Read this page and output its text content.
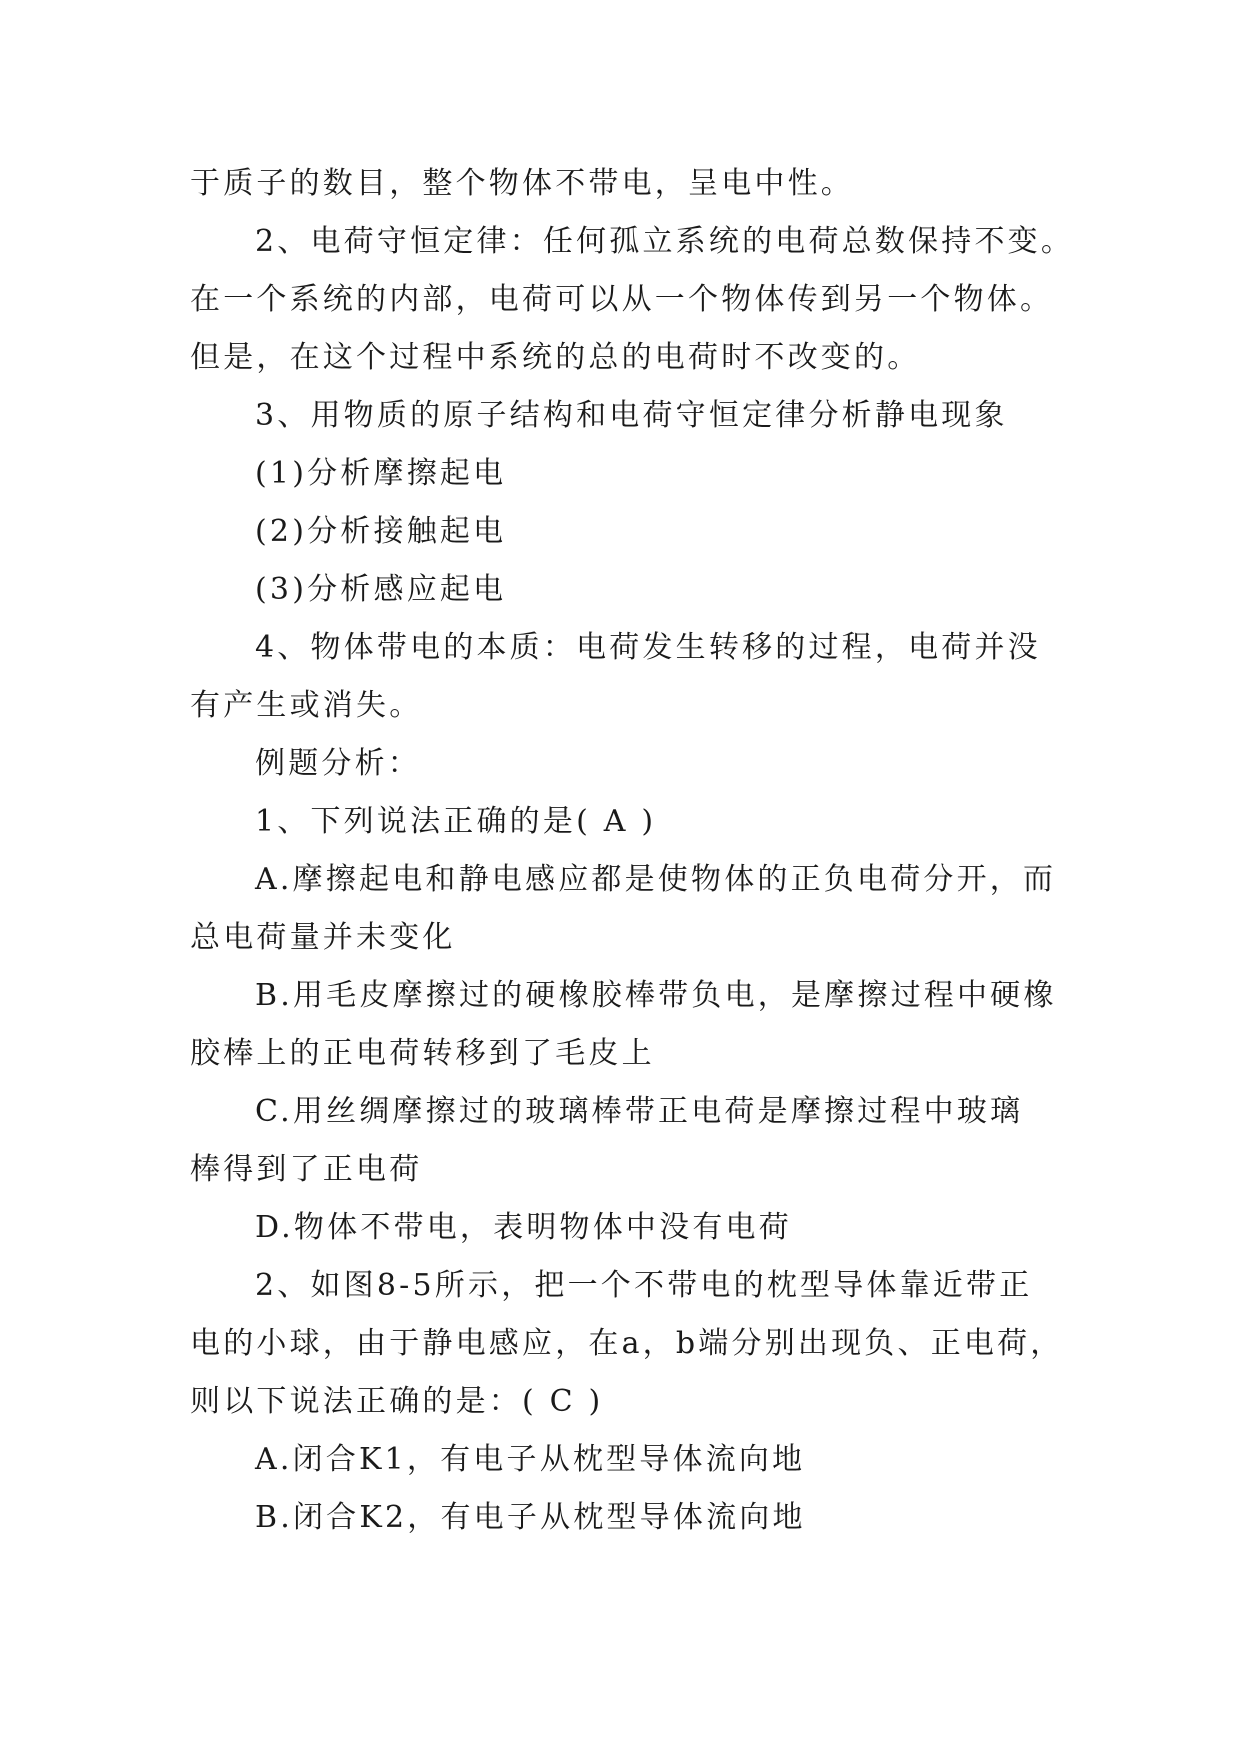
于质子的数目，整个物体不带电，呈电中性。
2、电荷守恒定律：任何孤立系统的电荷总数保持不变。
在一个系统的内部，电荷可以从一个物体传到另一个物体。
但是，在这个过程中系统的总的电荷时不改变的。
3、用物质的原子结构和电荷守恒定律分析静电现象
(1)分析摩擦起电
(2)分析接触起电
(3)分析感应起电
4、物体带电的本质：电荷发生转移的过程，电荷并没
有产生或消失。
例题分析：
1、下列说法正确的是( A )
A.摩擦起电和静电感应都是使物体的正负电荷分开，而
总电荷量并未变化
B.用毛皮摩擦过的硬橡胶棒带负电，是摩擦过程中硬橡
胶棒上的正电荷转移到了毛皮上
C.用丝绸摩擦过的玻璃棒带正电荷是摩擦过程中玻璃
棒得到了正电荷
D.物体不带电，表明物体中没有电荷
2、如图8-5所示，把一个不带电的枕型导体靠近带正
电的小球，由于静电感应，在a，b端分别出现负、正电荷，
则以下说法正确的是：( C )
A.闭合K1，有电子从枕型导体流向地
B.闭合K2，有电子从枕型导体流向地
